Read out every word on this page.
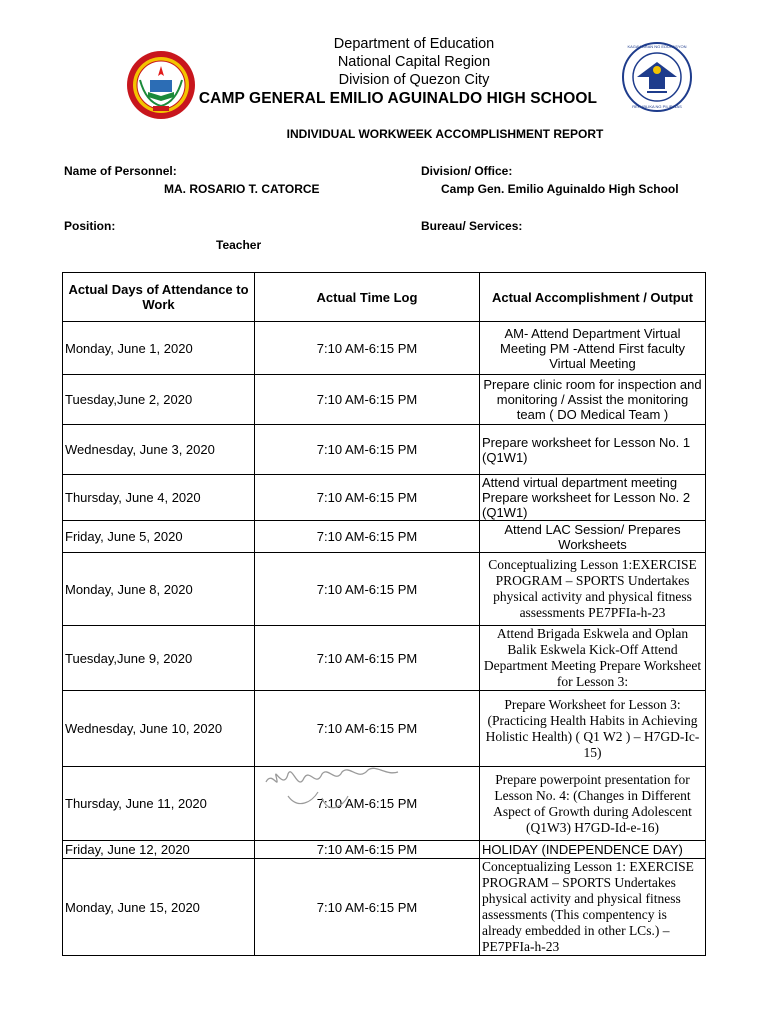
KAGAWARAN NG EDUKASYON
REPUBLIKA NG PILIPINAS
Department of Education
National Capital Region
Division of Quezon City
CAMP GENERAL EMILIO AGUINALDO HIGH SCHOOL
INDIVIDUAL WORKWEEK ACCOMPLISHMENT REPORT
Name of Personnel:
MA. ROSARIO T. CATORCE
Division/ Office:
Camp Gen. Emilio Aguinaldo High School
Position:
Teacher
Bureau/ Services:
Actual Days of Attendance to Work	Actual Time Log	Actual Accomplishment / Output
Monday, June 1, 2020	7:10 AM-6:15 PM	AM- Attend Department Virtual Meeting PM -Attend First faculty Virtual Meeting
Tuesday,June 2, 2020	7:10 AM-6:15 PM	Prepare clinic room for inspection and monitoring / Assist the monitoring team ( DO Medical Team )
Wednesday, June 3, 2020	7:10 AM-6:15 PM	Prepare worksheet for Lesson No. 1 (Q1W1)
Thursday, June 4, 2020	7:10 AM-6:15 PM	Attend virtual department meeting Prepare worksheet for Lesson No. 2 (Q1W1)
Friday, June 5, 2020	7:10 AM-6:15 PM	Attend LAC Session/ Prepares Worksheets
Monday, June 8, 2020	7:10 AM-6:15 PM	Conceptualizing Lesson 1:EXERCISE PROGRAM – SPORTS Undertakes physical activity and physical fitness assessments PE7PFIa-h-23
Tuesday,June 9, 2020	7:10 AM-6:15 PM	Attend Brigada Eskwela and Oplan Balik Eskwela Kick-Off Attend Department Meeting Prepare Worksheet for Lesson 3:
Wednesday, June 10, 2020	7:10 AM-6:15 PM	Prepare Worksheet for Lesson 3: (Practicing Health Habits in Achieving Holistic Health) ( Q1 W2 ) – H7GD-Ic-15)
Thursday, June 11, 2020	7:10 AM-6:15 PM	Prepare powerpoint presentation for Lesson No. 4: (Changes in Different Aspect of Growth during Adolescent (Q1W3) H7GD-Id-e-16)
Friday, June 12, 2020	7:10 AM-6:15 PM	HOLIDAY (INDEPENDENCE DAY)
Monday, June 15, 2020	7:10 AM-6:15 PM	Conceptualizing Lesson 1: EXERCISE PROGRAM – SPORTS Undertakes physical activity and physical fitness assessments (This compentency is already embedded in other LCs.) – PE7PFIa-h-23
